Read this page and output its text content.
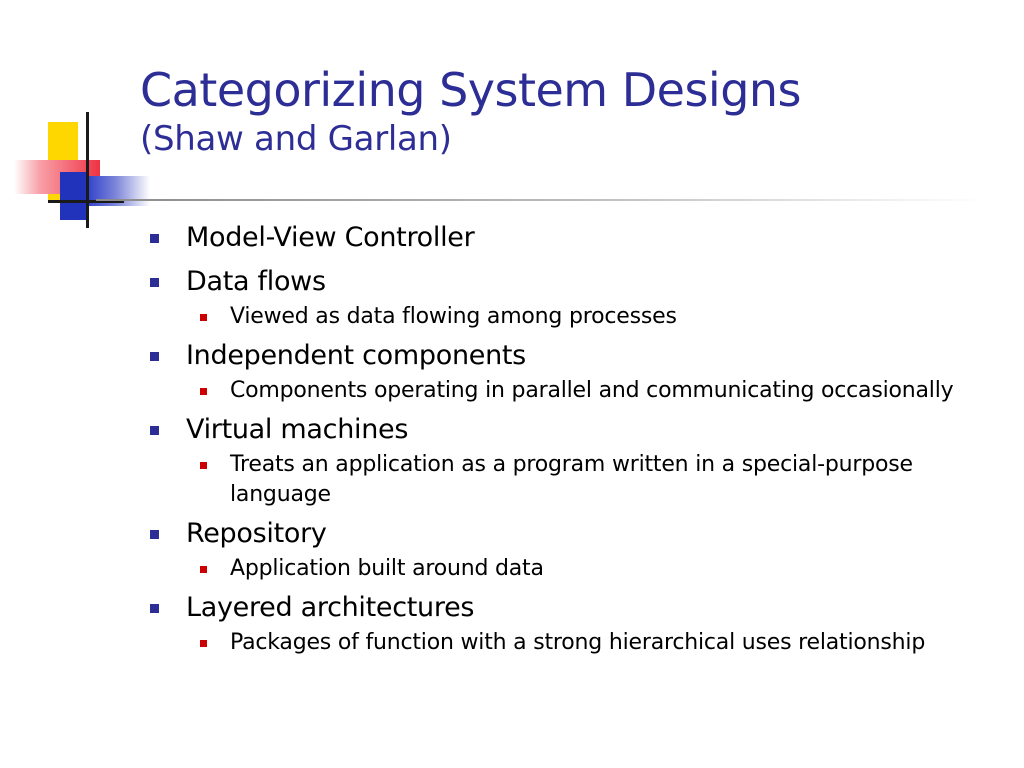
Categorizing System Designs
(Shaw and Garlan)
Model-View Controller
Data flows
Viewed as data flowing among processes
Independent components
Components operating in parallel and communicating occasionally
Virtual machines
Treats an application as a program written in a special-purpose language
Repository
Application built around data
Layered architectures
Packages of function with a strong hierarchical uses relationship
